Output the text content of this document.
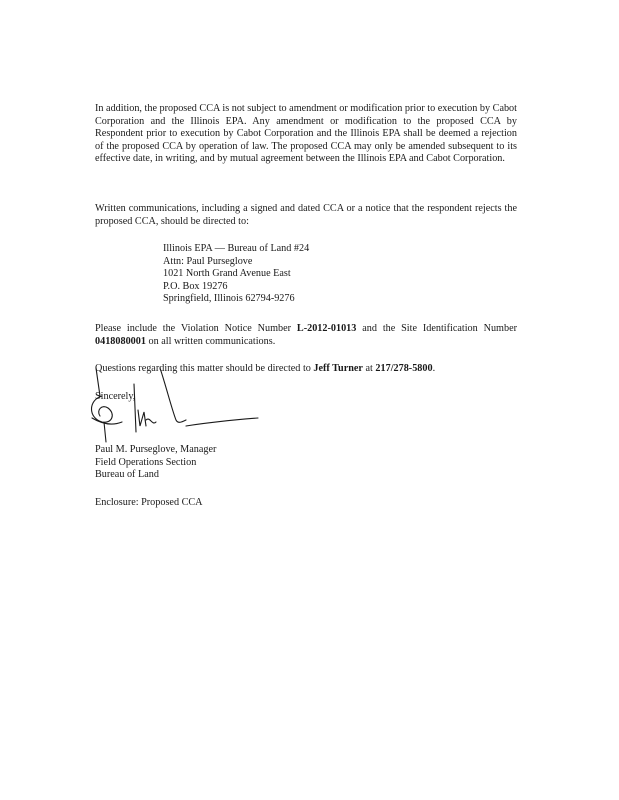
In addition, the proposed CCA is not subject to amendment or modification prior to execution by Cabot Corporation and the Illinois EPA. Any amendment or modification to the proposed CCA by Respondent prior to execution by Cabot Corporation and the Illinois EPA shall be deemed a rejection of the proposed CCA by operation of law. The proposed CCA may only be amended subsequent to its effective date, in writing, and by mutual agreement between the Illinois EPA and Cabot Corporation.

Written communications, including a signed and dated CCA or a notice that the respondent rejects the proposed CCA, should be directed to:

Illinois EPA — Bureau of Land #24
Attn: Paul Purseglove
1021 North Grand Avenue East
P.O. Box 19276
Springfield, Illinois 62794-9276

Please include the Violation Notice Number L-2012-01013 and the Site Identification Number 0418080001 on all written communications.

Questions regarding this matter should be directed to Jeff Turner at 217/278-5800.

Sincerely,
Paul M. Purseglove, Manager
Field Operations Section
Bureau of Land
Enclosure: Proposed CCA
